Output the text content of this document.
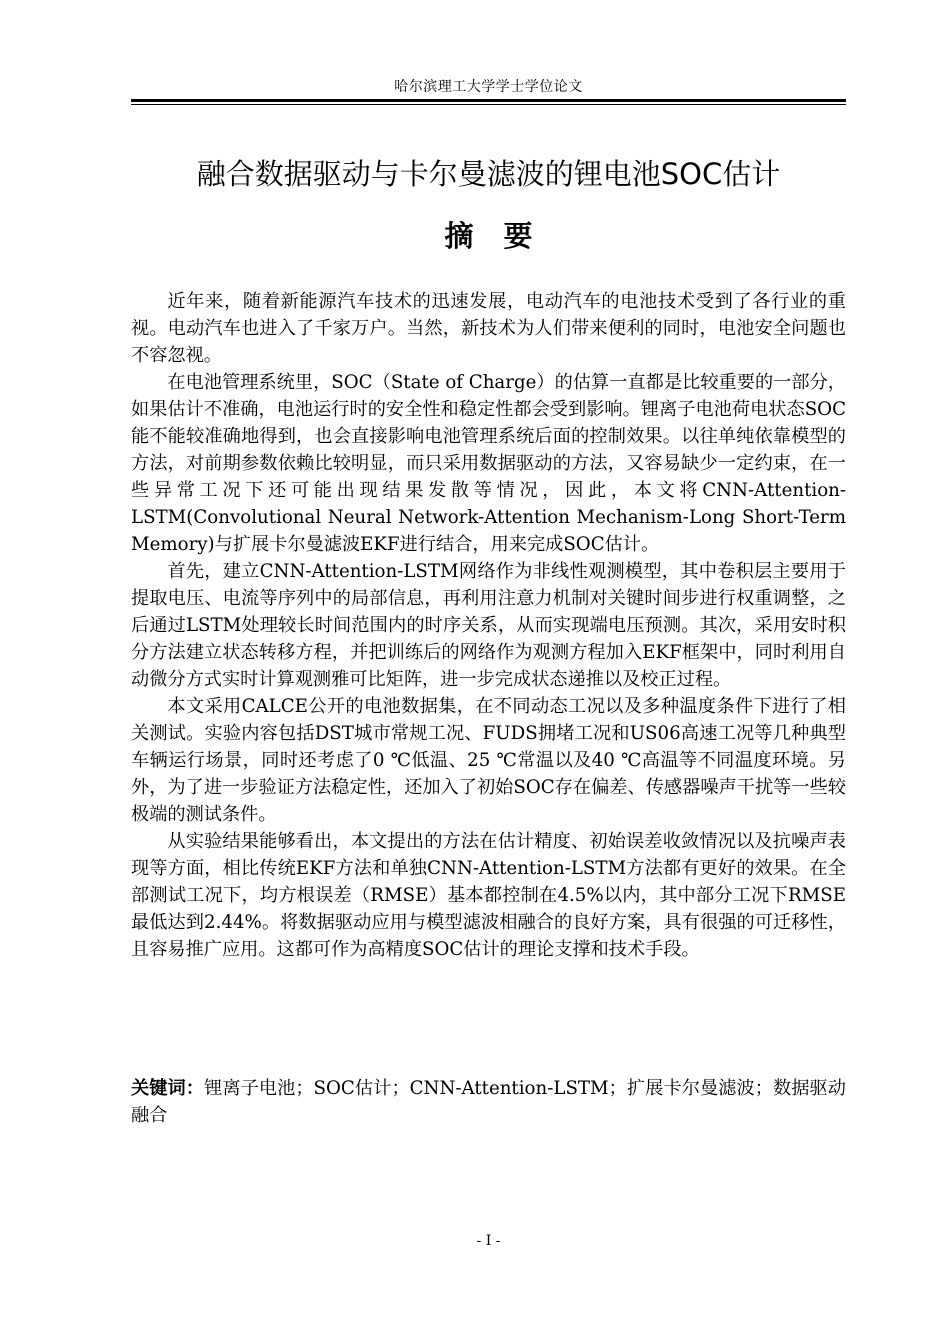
哈尔滨理工大学学士学位论文
融合数据驱动与卡尔曼滤波的锂电池SOC估计
摘要

近年来，随着新能源汽车技术的迅速发展，电动汽车的电池技术受到了各行业的重视。电动汽车也进入了千家万户。当然，新技术为人们带来便利的同时，电池安全问题也不容忽视。

在电池管理系统里，SOC（State of Charge）的估算一直都是比较重要的一部分，如果估计不准确，电池运行时的安全性和稳定性都会受到影响。锂离子电池荷电状态SOC能不能较准确地得到，也会直接影响电池管理系统后面的控制效果。以往单纯依靠模型的方法，对前期参数依赖比较明显，而只采用数据驱动的方法，又容易缺少一定约束，在一些异常工况下还可能出现结果发散等情况，因此，本文将CNN-Attention-LSTM(Convolutional Neural Network-Attention Mechanism-Long Short-Term Memory)与扩展卡尔曼滤波EKF进行结合，用来完成SOC估计。

首先，建立CNN-Attention-LSTM网络作为非线性观测模型，其中卷积层主要用于提取电压、电流等序列中的局部信息，再利用注意力机制对关键时间步进行权重调整，之后通过LSTM处理较长时间范围内的时序关系，从而实现端电压预测。其次，采用安时积分方法建立状态转移方程，并把训练后的网络作为观测方程加入EKF框架中，同时利用自动微分方式实时计算观测雅可比矩阵，进一步完成状态递推以及校正过程。

本文采用CALCE公开的电池数据集，在不同动态工况以及多种温度条件下进行了相关测试。实验内容包括DST城市常规工况、FUDS拥堵工况和US06高速工况等几种典型车辆运行场景，同时还考虑了0 ℃低温、25 ℃常温以及40 ℃高温等不同温度环境。另外，为了进一步验证方法稳定性，还加入了初始SOC存在偏差、传感器噪声干扰等一些较极端的测试条件。

从实验结果能够看出，本文提出的方法在估计精度、初始误差收敛情况以及抗噪声表现等方面，相比传统EKF方法和单独CNN-Attention-LSTM方法都有更好的效果。在全部测试工况下，均方根误差（RMSE）基本都控制在4.5%以内，其中部分工况下RMSE最低达到2.44%。将数据驱动应用与模型滤波相融合的良好方案，具有很强的可迁移性，且容易推广应用。这都可作为高精度SOC估计的理论支撑和技术手段。

关键词：锂离子电池；SOC估计；CNN-Attention-LSTM；扩展卡尔曼滤波；数据驱动融合
- I -
